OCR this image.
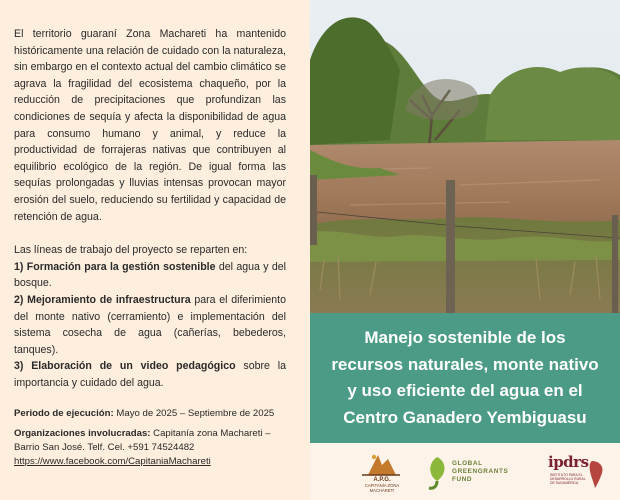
El territorio guaraní Zona Machareti ha mantenido históricamente una relación de cuidado con la naturaleza, sin embargo en el contexto actual del cambio climático se agrava la fragilidad del ecosistema chaqueño, por la reducción de precipitaciones que profundizan las condiciones de sequía y afecta la disponibilidad de agua para consumo humano y animal, y reduce la productividad de forrajeras nativas que contribuyen al equilibrio ecológico de la región. De igual forma las sequías prolongadas y lluvias intensas provocan mayor erosión del suelo, reduciendo su fertilidad y capacidad de retención de agua.

Las líneas de trabajo del proyecto se reparten en:
1) Formación para la gestión sostenible del agua y del bosque.
2) Mejoramiento de infraestructura para el diferimiento del monte nativo (cerramiento) e implementación del sistema cosecha de agua (cañerías, bebederos, tanques).
3) Elaboración de un video pedagógico sobre la importancia y cuidado del agua.
Periodo de ejecución: Mayo de 2025 – Septiembre de 2025
Organizaciones involucradas: Capitanía zona Machareti – Barrio San José. Telf. Cel. +591 74524482
https://www.facebook.com/CapitaniaMachareti
Manejo sostenible de los recursos naturales, monte nativo y uso eficiente del agua en el Centro Ganadero Yembiguasu
A.P.G.
CAPITANÍA ZONA MACHARETI
GLOBAL
GREENGRANTS
FUND
ipdrs
INSTITUTO PARA EL DESARROLLO RURAL DE SUDAMÉRICA
